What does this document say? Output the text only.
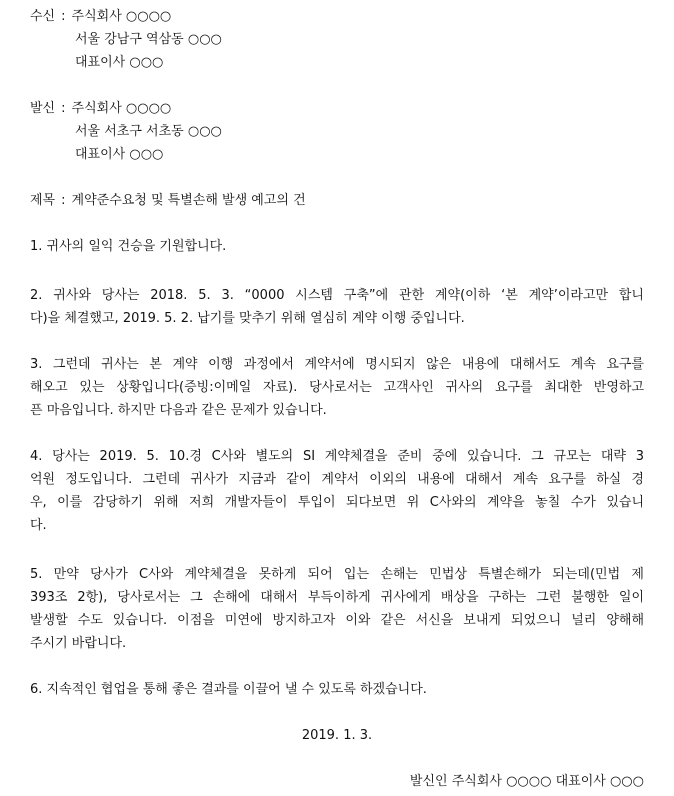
수신 : 주식회사 ○○○○
서울 강남구 역삼동 ○○○
대표이사 ○○○
발신 : 주식회사 ○○○○
서울 서초구 서초동 ○○○
대표이사 ○○○
제목 : 계약준수요청 및 특별손해 발생 예고의 건
1. 귀사의 일익 건승을 기원합니다.
2. 귀사와 당사는 2018. 5. 3. “0000 시스템 구축”에 관한 계약(이하 ‘본 계약’이라고만 합니
다)을 체결했고, 2019. 5. 2. 납기를 맞추기 위해 열심히 계약 이행 중입니다.
3. 그런데 귀사는 본 계약 이행 과정에서 계약서에 명시되지 않은 내용에 대해서도 계속 요구를
해오고 있는 상황입니다(증빙:이메일 자료). 당사로서는 고객사인 귀사의 요구를 최대한 반영하고
픈 마음입니다. 하지만 다음과 같은 문제가 있습니다.
4. 당사는 2019. 5. 10.경 C사와 별도의 SI 계약체결을 준비 중에 있습니다. 그 규모는 대략 3
억원 정도입니다. 그런데 귀사가 지금과 같이 계약서 이외의 내용에 대해서 계속 요구를 하실 경
우, 이를 감당하기 위해 저희 개발자들이 투입이 되다보면 위 C사와의 계약을 놓칠 수가 있습니
다.
5. 만약 당사가 C사와 계약체결을 못하게 되어 입는 손해는 민법상 특별손해가 되는데(민법 제
393조 2항), 당사로서는 그 손해에 대해서 부득이하게 귀사에게 배상을 구하는 그런 불행한 일이
발생할 수도 있습니다. 이점을 미연에 방지하고자 이와 같은 서신을 보내게 되었으니 널리 양해해
주시기 바랍니다.
6. 지속적인 협업을 통해 좋은 결과를 이끌어 낼 수 있도록 하겠습니다.
2019. 1. 3.
발신인 주식회사 ○○○○ 대표이사 ○○○
